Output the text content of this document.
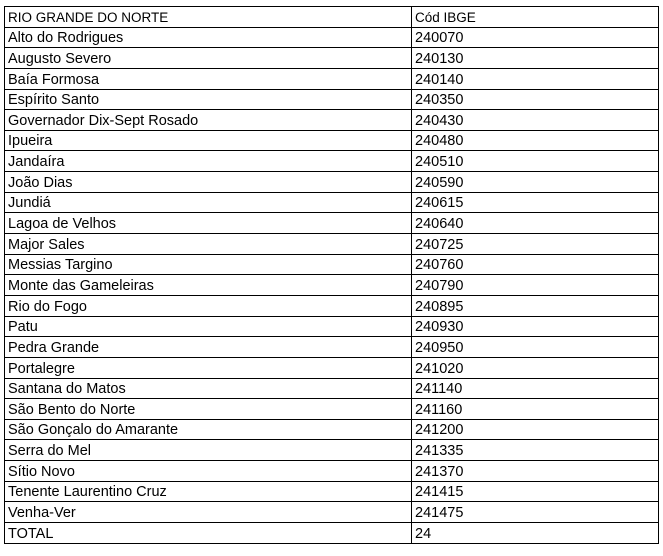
RIO GRANDE DO NORTE	Cód IBGE
Alto do Rodrigues	240070
Augusto Severo	240130
Baía Formosa	240140
Espírito Santo	240350
Governador Dix-Sept Rosado	240430
Ipueira	240480
Jandaíra	240510
João Dias	240590
Jundiá	240615
Lagoa de Velhos	240640
Major Sales	240725
Messias Targino	240760
Monte das Gameleiras	240790
Rio do Fogo	240895
Patu	240930
Pedra Grande	240950
Portalegre	241020
Santana do Matos	241140
São Bento do Norte	241160
São Gonçalo do Amarante	241200
Serra do Mel	241335
Sítio Novo	241370
Tenente Laurentino Cruz	241415
Venha-Ver	241475
TOTAL	24
